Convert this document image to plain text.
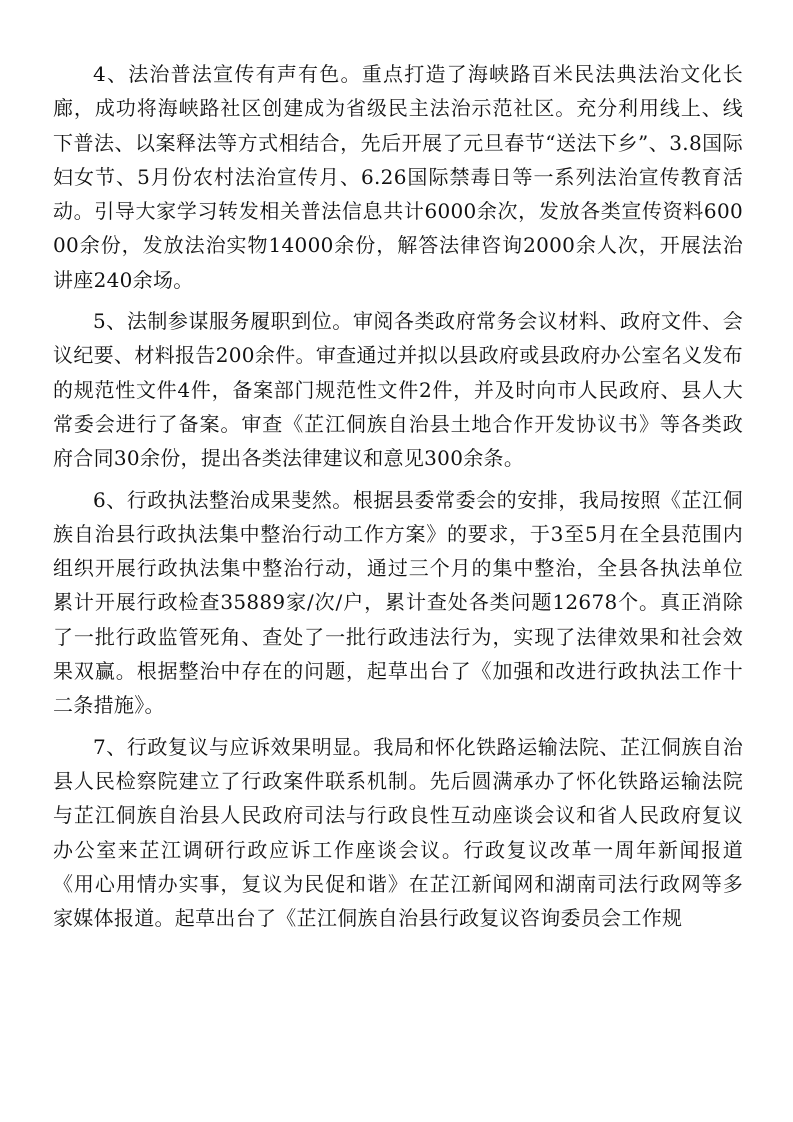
4、法治普法宣传有声有色。重点打造了海峡路百米民法典法治文化长廊，成功将海峡路社区创建成为省级民主法治示范社区。充分利用线上、线下普法、以案释法等方式相结合，先后开展了元旦春节“送法下乡”、3.8国际妇女节、5月份农村法治宣传月、6.26国际禁毒日等一系列法治宣传教育活动。引导大家学习转发相关普法信息共计6000余次，发放各类宣传资料60000余份，发放法治实物14000余份，解答法律咨询2000余人次，开展法治讲座240余场。

5、法制参谋服务履职到位。审阅各类政府常务会议材料、政府文件、会议纪要、材料报告200余件。审查通过并拟以县政府或县政府办公室名义发布的规范性文件4件，备案部门规范性文件2件，并及时向市人民政府、县人大常委会进行了备案。审查《芷江侗族自治县土地合作开发协议书》等各类政府合同30余份，提出各类法律建议和意见300余条。

6、行政执法整治成果斐然。根据县委常委会的安排，我局按照《芷江侗族自治县行政执法集中整治行动工作方案》的要求，于3至5月在全县范围内组织开展行政执法集中整治行动，通过三个月的集中整治，全县各执法单位累计开展行政检查35889家/次/户，累计查处各类问题12678个。真正消除了一批行政监管死角、查处了一批行政违法行为，实现了法律效果和社会效果双赢。根据整治中存在的问题，起草出台了《加强和改进行政执法工作十二条措施》。

7、行政复议与应诉效果明显。我局和怀化铁路运输法院、芷江侗族自治县人民检察院建立了行政案件联系机制。先后圆满承办了怀化铁路运输法院与芷江侗族自治县人民政府司法与行政良性互动座谈会议和省人民政府复议办公室来芷江调研行政应诉工作座谈会议。行政复议改革一周年新闻报道《用心用情办实事，复议为民促和谐》在芷江新闻网和湖南司法行政网等多家媒体报道。起草出台了《芷江侗族自治县行政复议咨询委员会工作规
